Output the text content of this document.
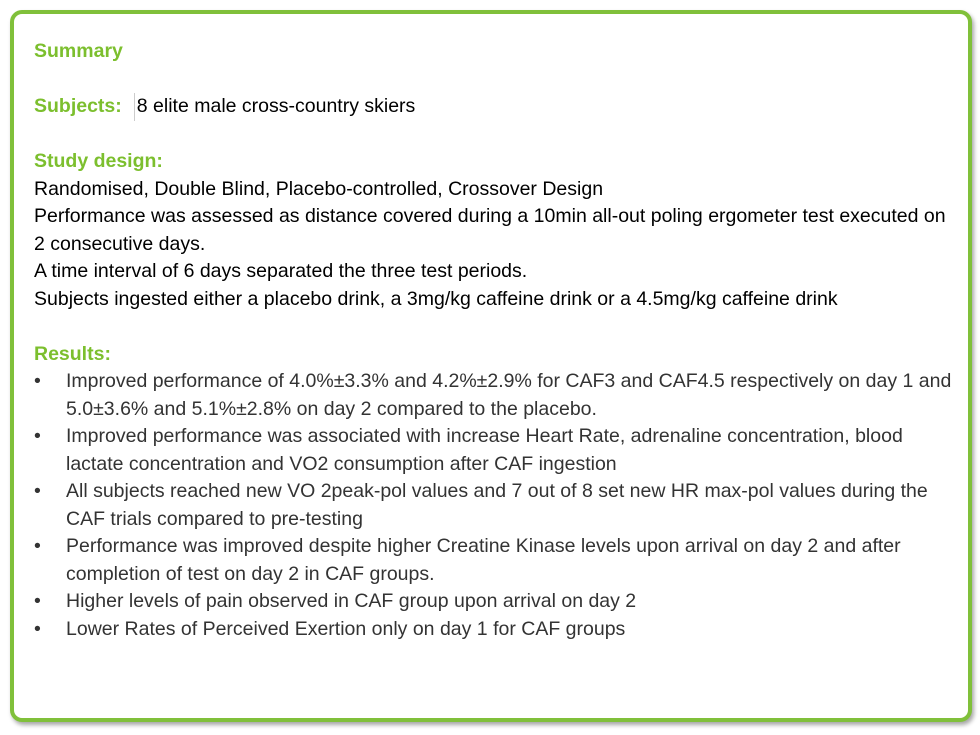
Summary
Subjects: 8 elite male cross-country skiers
Study design:
Randomised, Double Blind, Placebo-controlled, Crossover Design
Performance was assessed as distance covered during a 10min all-out poling ergometer test executed on 2 consecutive days.
A time interval of 6 days separated the three test periods.
Subjects ingested either a placebo drink, a 3mg/kg caffeine drink or a 4.5mg/kg caffeine drink
Results:
•	Improved performance of 4.0%±3.3% and 4.2%±2.9% for CAF3 and CAF4.5 respectively on day 1 and 5.0±3.6% and 5.1%±2.8% on day 2 compared to the placebo.
•	Improved performance was associated with increase Heart Rate, adrenaline concentration, blood lactate concentration and VO2 consumption after CAF ingestion
•	All subjects reached new VO 2peak-pol values and 7 out of 8 set new HR max-pol values during the CAF trials compared to pre-testing
•	Performance was improved despite higher Creatine Kinase levels upon arrival on day 2 and after completion of test on day 2 in CAF groups.
•	Higher levels of pain observed in CAF group upon arrival on day 2
•	Lower Rates of Perceived Exertion only on day 1 for CAF groups
